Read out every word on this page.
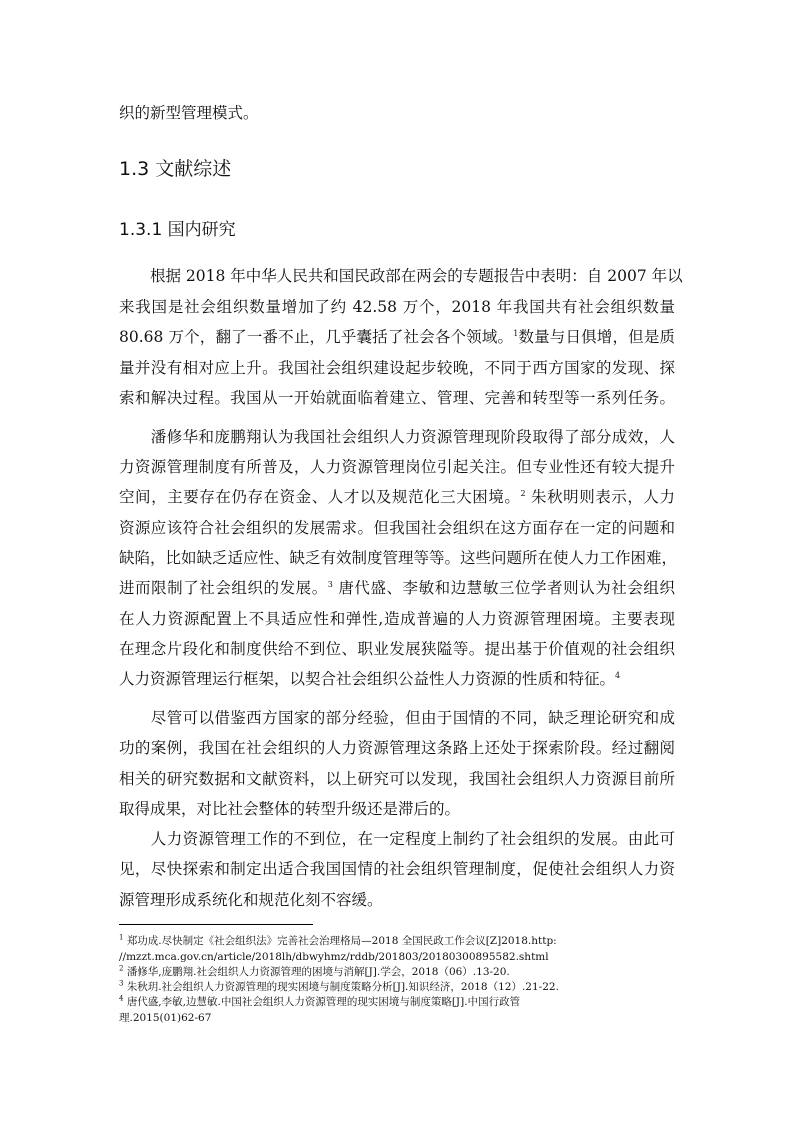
织的新型管理模式。
1.3 文献综述
1.3.1 国内研究
　　根据 2018 年中华人民共和国民政部在两会的专题报告中表明：自 2007 年以
来我国是社会组织数量增加了约 42.58 万个，2018 年我国共有社会组织数量
80.68 万个，翻了一番不止，几乎囊括了社会各个领域。$^1$数量与日俱增，但是质
量并没有相对应上升。我国社会组织建设起步较晚，不同于西方国家的发现、探
索和解决过程。我国从一开始就面临着建立、管理、完善和转型等一系列任务。
　　潘修华和庞鹏翔认为我国社会组织人力资源管理现阶段取得了部分成效，人
力资源管理制度有所普及，人力资源管理岗位引起关注。但专业性还有较大提升
空间，主要存在仍存在资金、人才以及规范化三大困境。$^2$ 朱秋明则表示，人力
资源应该符合社会组织的发展需求。但我国社会组织在这方面存在一定的问题和
缺陷，比如缺乏适应性、缺乏有效制度管理等等。这些问题所在使人力工作困难，
进而限制了社会组织的发展。$^3$ 唐代盛、李敏和边慧敏三位学者则认为社会组织
在人力资源配置上不具适应性和弹性,造成普遍的人力资源管理困境。主要表现
在理念片段化和制度供给不到位、职业发展狭隘等。提出基于价值观的社会组织
人力资源管理运行框架，以契合社会组织公益性人力资源的性质和特征。$^4$
　　尽管可以借鉴西方国家的部分经验，但由于国情的不同，缺乏理论研究和成
功的案例，我国在社会组织的人力资源管理这条路上还处于探索阶段。经过翻阅
相关的研究数据和文献资料，以上研究可以发现，我国社会组织人力资源目前所
取得成果，对比社会整体的转型升级还是滞后的。
　　人力资源管理工作的不到位，在一定程度上制约了社会组织的发展。由此可
见，尽快探索和制定出适合我国国情的社会组织管理制度，促使社会组织人力资
源管理形成系统化和规范化刻不容缓。
$^1$ 郑功成.尽快制定《社会组织法》完善社会治理格局—2018 全国民政工作会议[Z]2018.http:
//mzzt.mca.gov.cn/article/2018lh/dbwyhmz/rddb/201803/20180300895582.shtml
$^2$ 潘修华,庞鹏翔.社会组织人力资源管理的困境与消解[J].学会，2018（06）.13-20.
$^3$ 朱秋玥.社会组织人力资源管理的现实困境与制度策略分析[J].知识经济，2018（12）.21-22.
$^4$ 唐代盛,李敏,边慧敏.中国社会组织人力资源管理的现实困境与制度策略[J].中国行政管
理.2015(01)62-67
